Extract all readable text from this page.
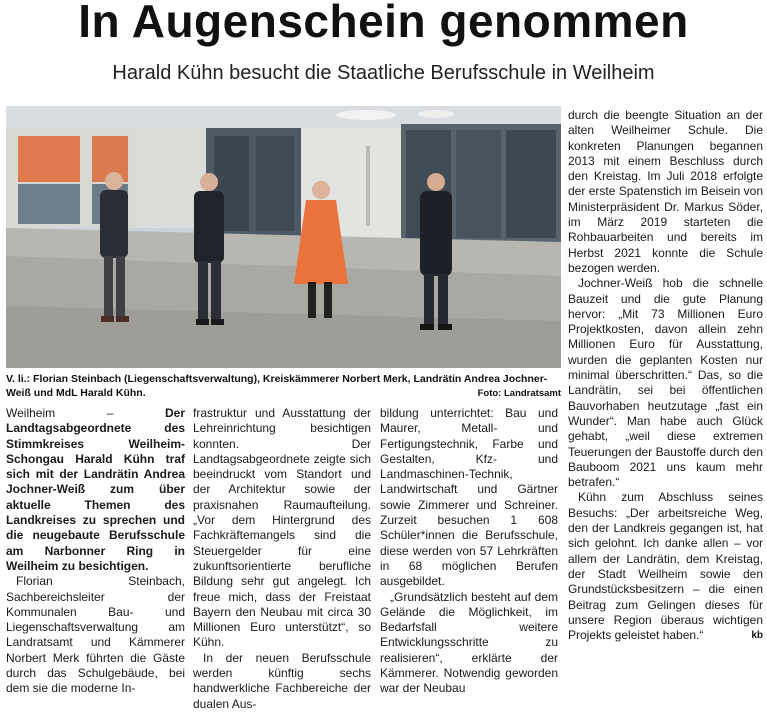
In Augenschein genommen
Harald Kühn besucht die Staatliche Berufsschule in Weilheim
V. li.: Florian Steinbach (Liegenschaftsverwaltung), Kreiskämmerer Norbert Merk, Landrätin Andrea Jochner-Weiß und MdL Harald Kühn.	Foto: Landratsamt

Weilheim – Der Landtagsabgeordnete des Stimmkreises Weilheim-Schongau Harald Kühn traf sich mit der Landrätin Andrea Jochner-Weiß zum über aktuelle Themen des Landkreises zu sprechen und die neugebaute Berufsschule am Narbonner Ring in Weilheim zu besichtigen.

Florian Steinbach, Sachbereichsleiter der Kommunalen Bau- und Liegenschaftsverwaltung am Landratsamt und Kämmerer Norbert Merk führten die Gäste durch das Schulgebäude, bei dem sie die moderne In-

frastruktur und Ausstattung der Lehreinrichtung besichtigen konnten. Der Landtagsabgeordnete zeigte sich beeindruckt vom Standort und der Architektur sowie der praxisnahen Raumaufteilung. „Vor dem Hintergrund des Fachkräftemangels sind die Steuergelder für eine zukunftsorientierte berufliche Bildung sehr gut angelegt. Ich freue mich, dass der Freistaat Bayern den Neubau mit circa 30 Millionen Euro unterstützt“, so Kühn.

In der neuen Berufsschule werden künftig sechs handwerkliche Fachbereiche der dualen Aus-

bildung unterrichtet: Bau und Maurer, Metall- und Fertigungstechnik, Farbe und Gestalten, Kfz- und Landmaschinen-Technik, Landwirtschaft und Gärtner sowie Zimmerer und Schreiner. Zurzeit besuchen 1 608 Schüler*innen die Berufsschule, diese werden von 57 Lehrkräften in 68 möglichen Berufen ausgebildet.

„Grundsätzlich besteht auf dem Gelände die Möglichkeit, im Bedarfsfall weitere Entwicklungsschritte zu realisieren“, erklärte der Kämmerer. Notwendig geworden war der Neubau

durch die beengte Situation an der alten Weilheimer Schule. Die konkreten Planungen begannen 2013 mit einem Beschluss durch den Kreistag. Im Juli 2018 erfolgte der erste Spatenstich im Beisein von Ministerpräsident Dr. Markus Söder, im März 2019 starteten die Rohbauarbeiten und bereits im Herbst 2021 konnte die Schule bezogen werden.

Jochner-Weiß hob die schnelle Bauzeit und die gute Planung hervor: „Mit 73 Millionen Euro Projektkosten, davon allein zehn Millionen Euro für Ausstattung, wurden die geplanten Kosten nur minimal überschritten.“ Das, so die Landrätin, sei bei öffentlichen Bauvorhaben heutzutage „fast ein Wunder“. Man habe auch Glück gehabt, „weil diese extremen Teuerungen der Baustoffe durch den Bauboom 2021 uns kaum mehr betrafen.“

Kühn zum Abschluss seines Besuchs: „Der arbeitsreiche Weg, den der Landkreis gegangen ist, hat sich gelohnt. Ich danke allen – vor allem der Landrätin, dem Kreistag, der Stadt Weilheim sowie den Grundstücksbesitzern – die einen Beitrag zum Gelingen dieses für unsere Region überaus wichtigen Projekts geleistet haben.“	kb
